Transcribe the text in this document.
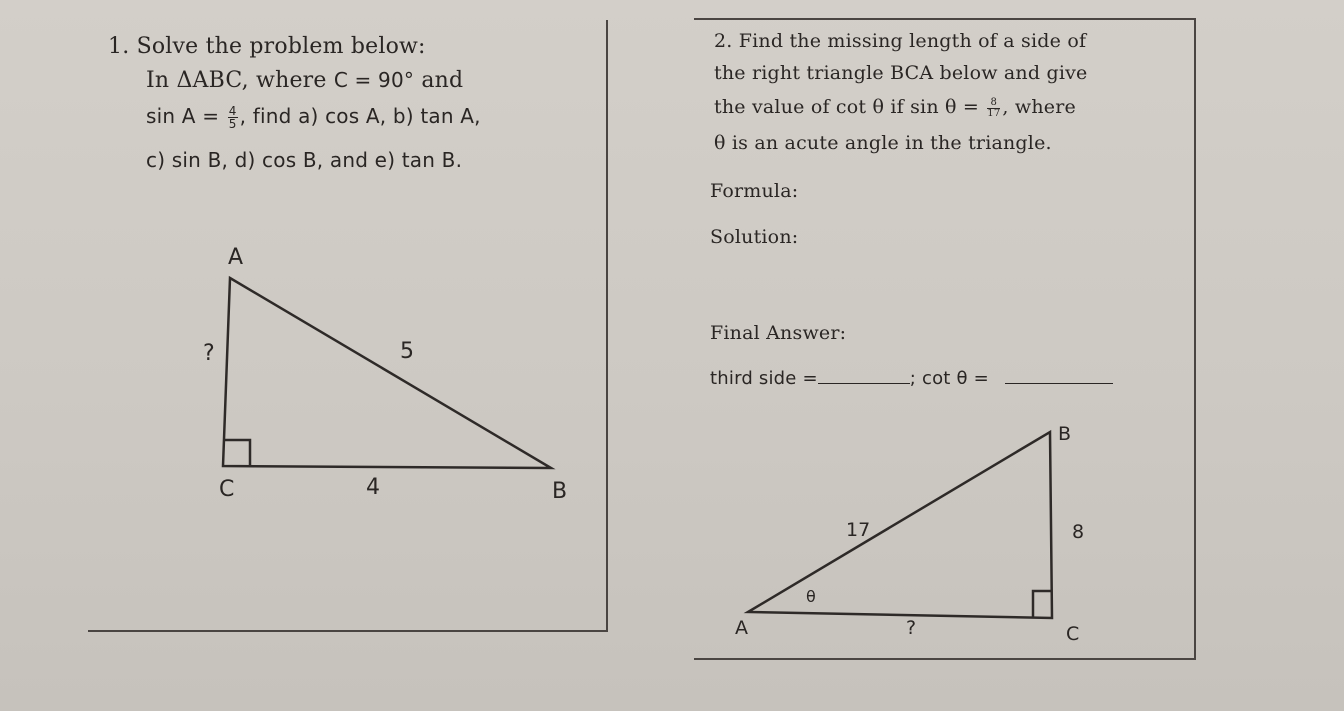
1. Solve the problem below:
In ΔABC, where C = 90° and
$\sin A = \frac{4}{5}$ , find a) cos A, b) tan A,
c) sin B, d) cos B, and e) tan B.
2. Find the missing length of a side of
the right triangle BCA below and give
the value of cot θ if $\sin \theta = \frac{8}{17}$ , where
θ is an acute angle in the triangle.
Formula:
Solution:
Final Answer:
third side =	; cot θ =
A
B
C
?	5
4
B
C
A
17	8
?
θ
